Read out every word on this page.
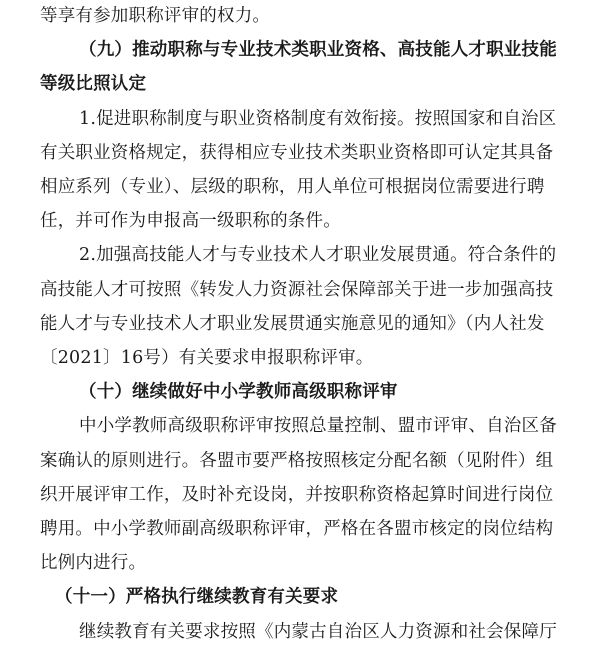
等享有参加职称评审的权力。
（九）推动职称与专业技术类职业资格、高技能人才职业技能
等级比照认定
1.促进职称制度与职业资格制度有效衔接。按照国家和自治区
有关职业资格规定，获得相应专业技术类职业资格即可认定其具备
相应系列（专业）、层级的职称，用人单位可根据岗位需要进行聘
任，并可作为申报高一级职称的条件。
2.加强高技能人才与专业技术人才职业发展贯通。符合条件的
高技能人才可按照《转发人力资源社会保障部关于进一步加强高技
能人才与专业技术人才职业发展贯通实施意见的通知》（内人社发
〔2021〕16号）有关要求申报职称评审。
（十）继续做好中小学教师高级职称评审
中小学教师高级职称评审按照总量控制、盟市评审、自治区备
案确认的原则进行。各盟市要严格按照核定分配名额（见附件）组
织开展评审工作，及时补充设岗，并按职称资格起算时间进行岗位
聘用。中小学教师副高级职称评审，严格在各盟市核定的岗位结构
比例内进行。
（十一）严格执行继续教育有关要求
继续教育有关要求按照《内蒙古自治区人力资源和社会保障厅
